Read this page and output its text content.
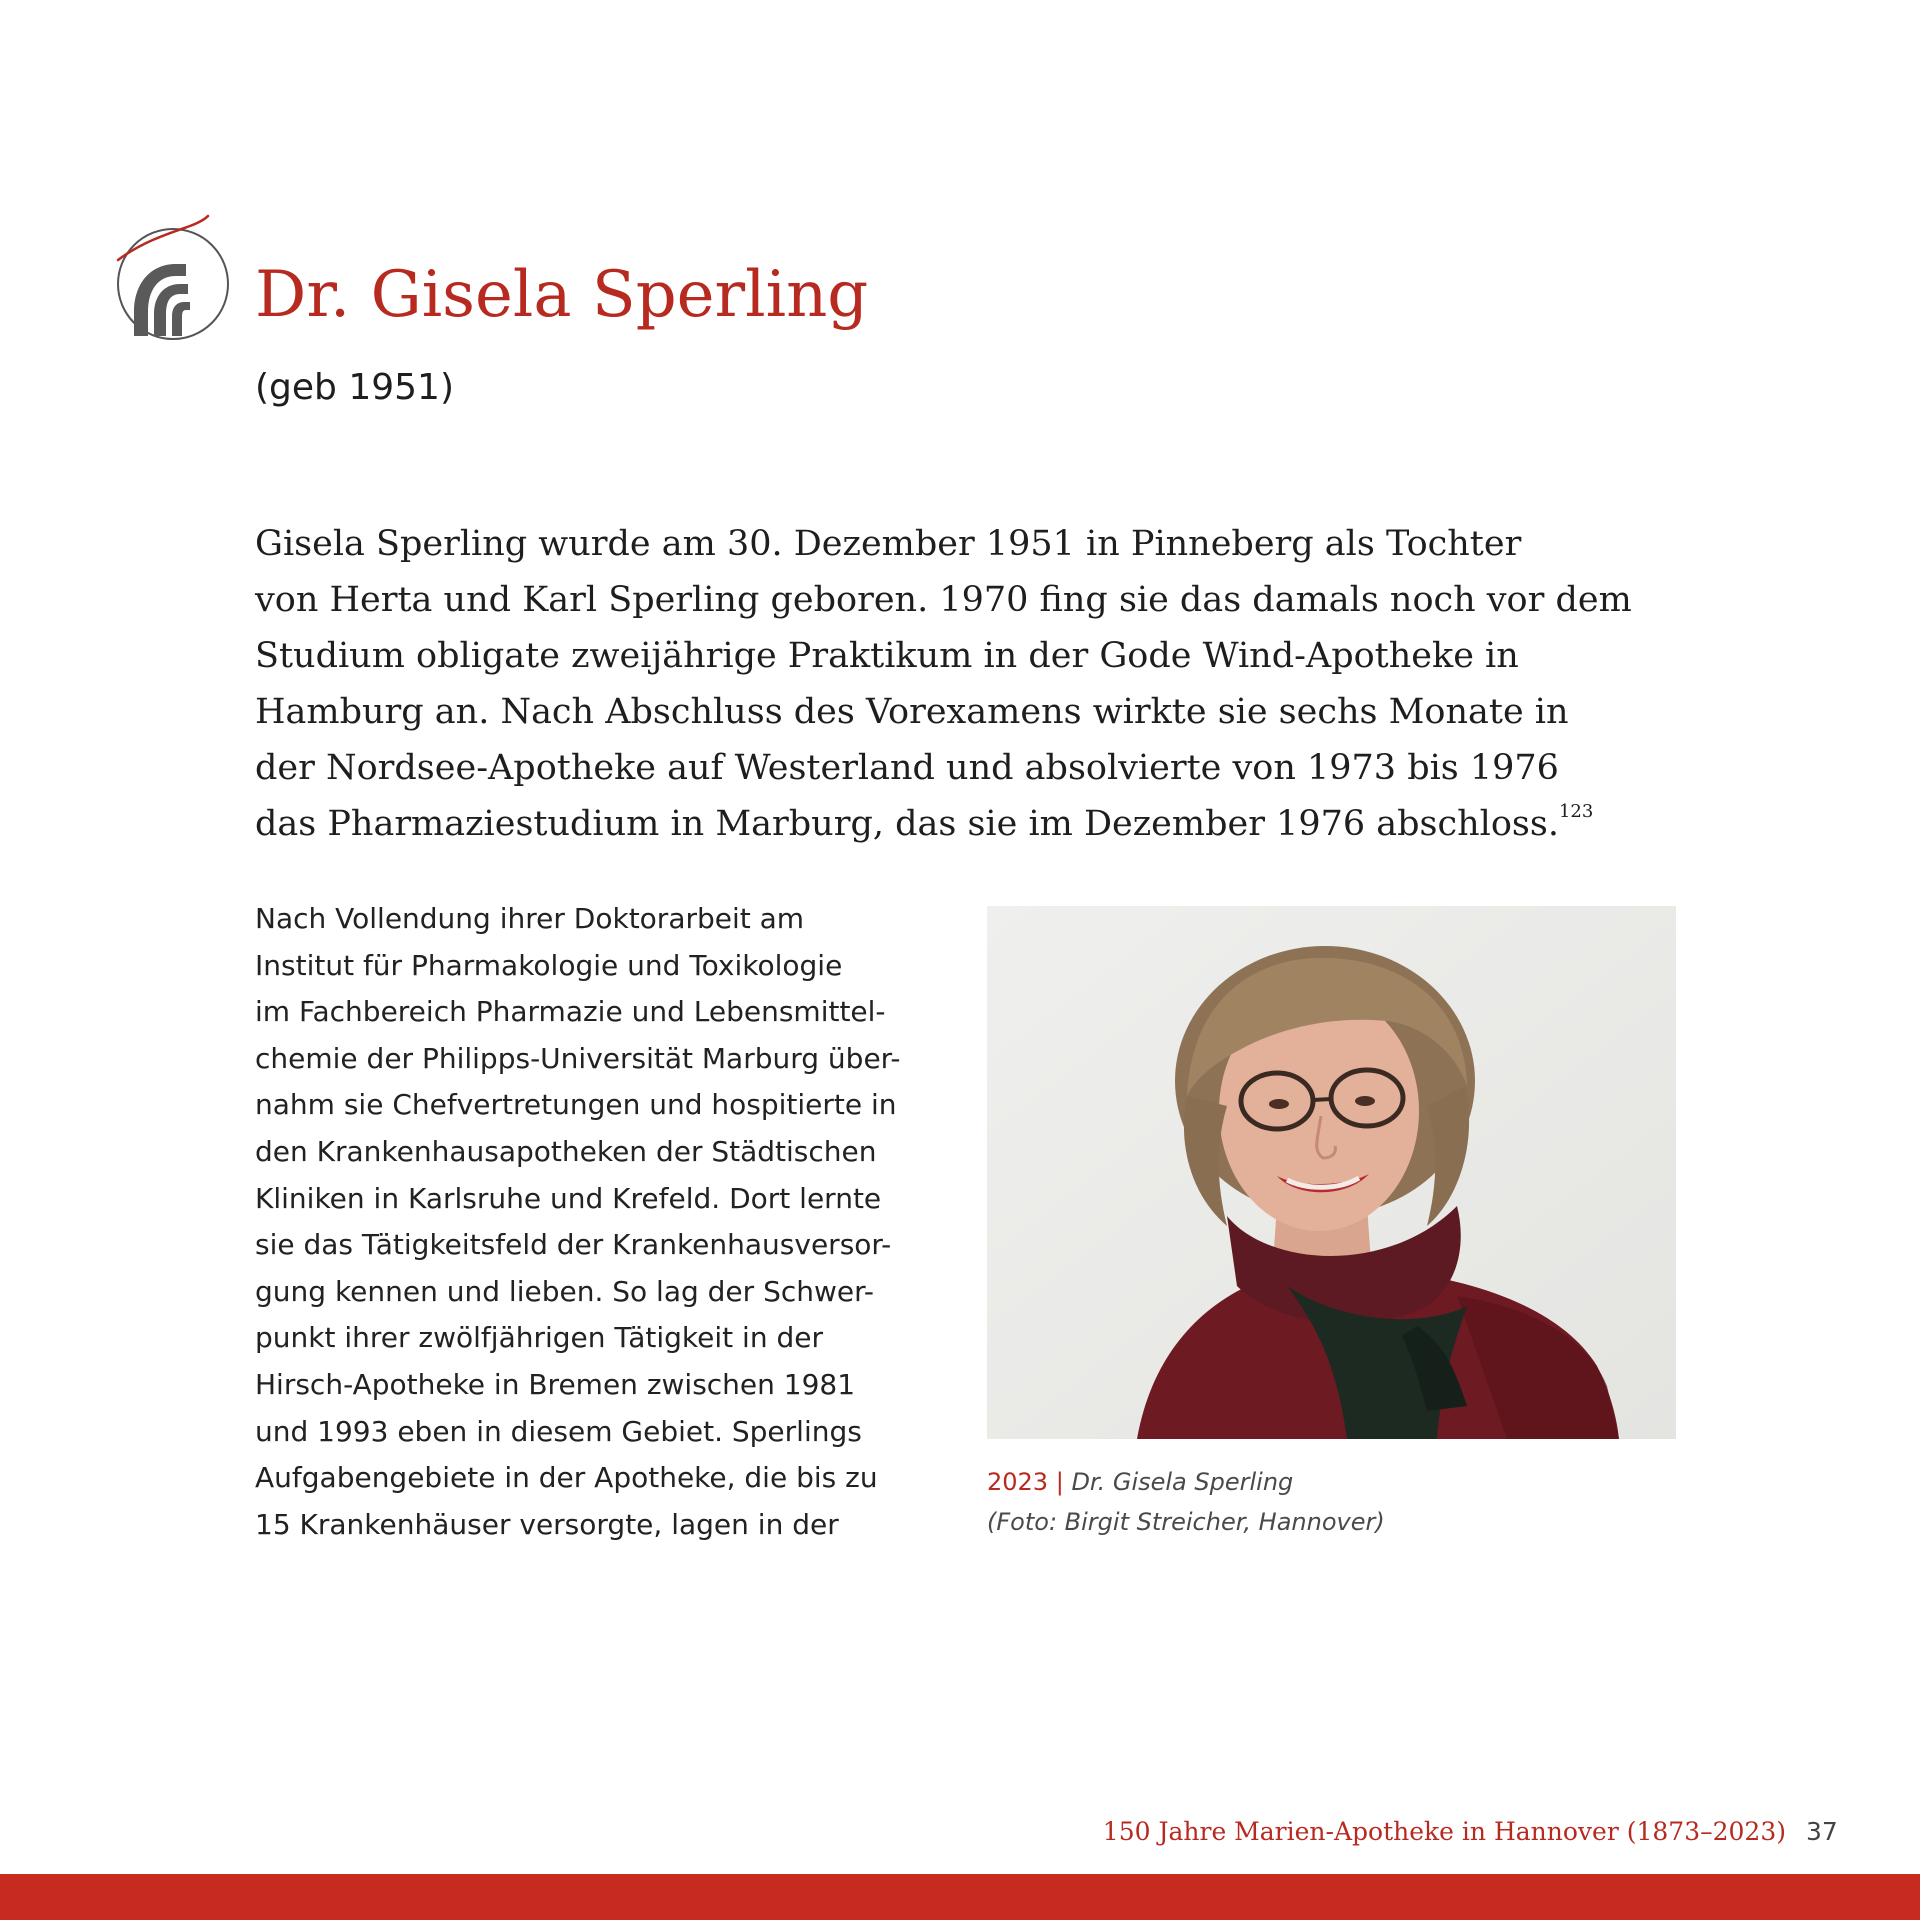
Dr. Gisela Sperling

(geb 1951)

Gisela Sperling wurde am 30. Dezember 1951 in Pinneberg als Tochter
von Herta und Karl Sperling geboren. 1970 fing sie das damals noch vor dem
Studium obligate zweijährige Praktikum in der Gode Wind-Apotheke in
Hamburg an. Nach Abschluss des Vorexamens wirkte sie sechs Monate in
der Nordsee-Apotheke auf Westerland und absolvierte von 1973 bis 1976
das Pharmaziestudium in Marburg, das sie im Dezember 1976 abschloss.$^{123}$
Nach Vollendung ihrer Doktorarbeit am
Institut für Pharmakologie und Toxikologie
im Fachbereich Pharmazie und Lebensmittel-
chemie der Philipps-Universität Marburg über-
nahm sie Chefvertretungen und hospitierte in
den Krankenhausapotheken der Städtischen
Kliniken in Karlsruhe und Krefeld. Dort lernte
sie das Tätigkeitsfeld der Krankenhausversor-
gung kennen und lieben. So lag der Schwer-
punkt ihrer zwölfjährigen Tätigkeit in der
Hirsch-Apotheke in Bremen zwischen 1981
und 1993 eben in diesem Gebiet. Sperlings
Aufgabengebiete in der Apotheke, die bis zu
15 Krankenhäuser versorgte, lagen in der
2023 | Dr. Gisela Sperling
(Foto: Birgit Streicher, Hannover)
150 Jahre Marien-Apotheke in Hannover (1873–2023) 37
